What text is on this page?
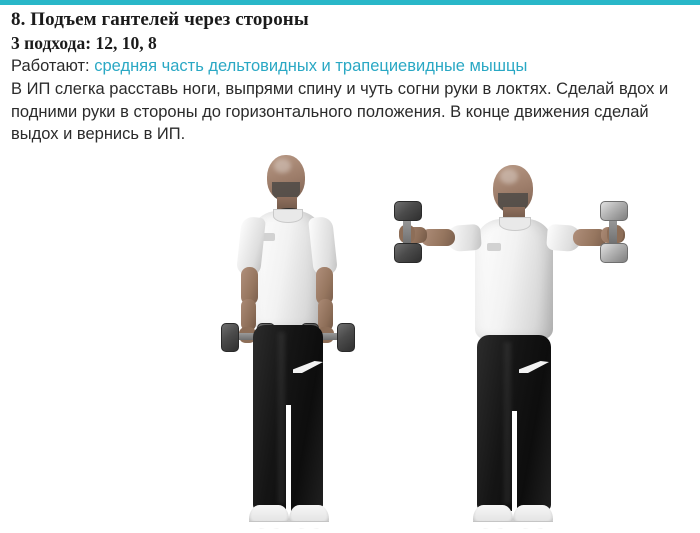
8. Подъем гантелей через стороны
3 подхода: 12, 10, 8
Работают: средняя часть дельтовидных и трапециевидные мышцы
В ИП слегка расставь ноги, выпрями спину и чуть согни руки в локтях. Сделай вдох и подними руки в стороны до горизонтального положения. В конце движения сделай выдох и вернись в ИП.
